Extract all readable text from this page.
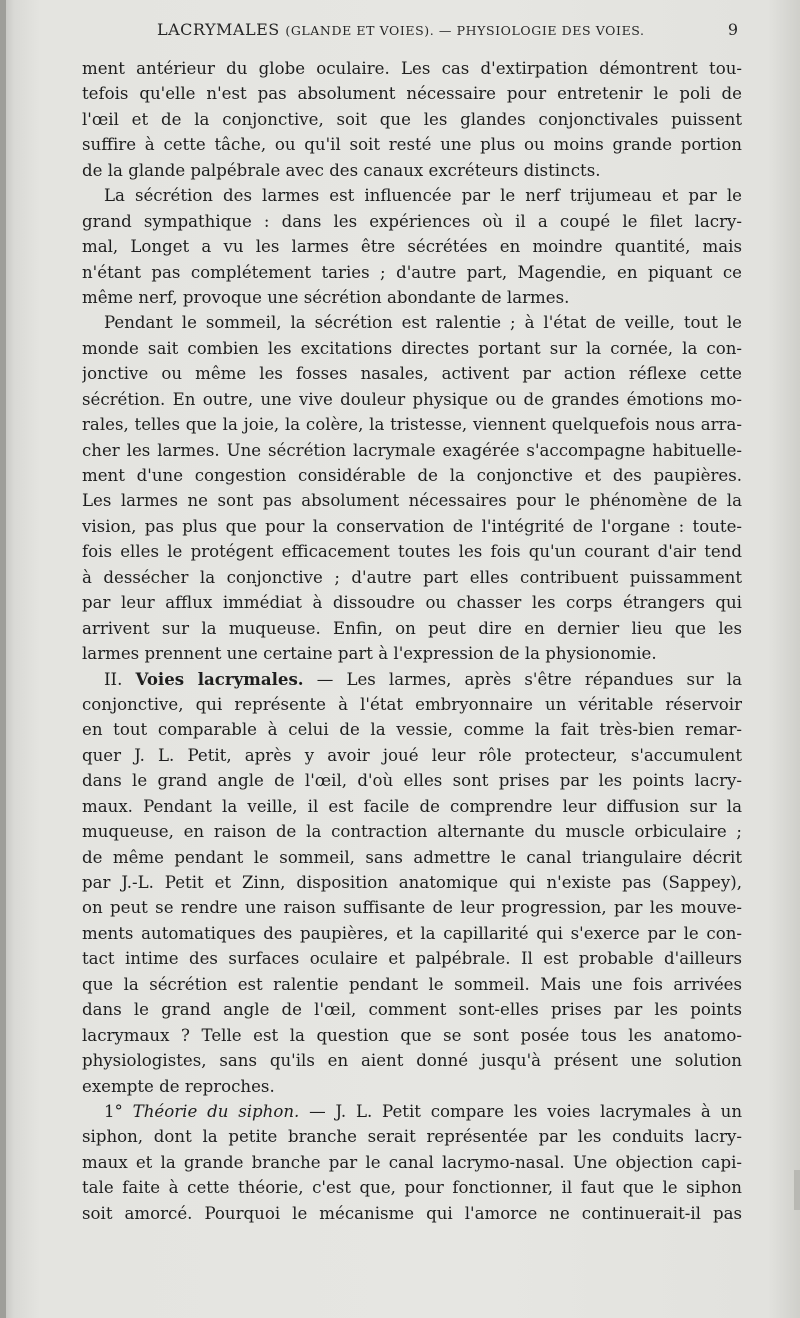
LACRYMALES (GLANDE ET VOIES). — PHYSIOLOGIE DES VOIES.	9
ment antérieur du globe oculaire. Les cas d'extirpation démontrent tou-
tefois qu'elle n'est pas absolument nécessaire pour entretenir le poli de
l'œil et de la conjonctive, soit que les glandes conjonctivales puissent
suffire à cette tâche, ou qu'il soit resté une plus ou moins grande portion
de la glande palpébrale avec des canaux excréteurs distincts.
La sécrétion des larmes est influencée par le nerf trijumeau et par le
grand sympathique : dans les expériences où il a coupé le filet lacry-
mal, Longet a vu les larmes être sécrétées en moindre quantité, mais
n'étant pas complétement taries ; d'autre part, Magendie, en piquant ce
même nerf, provoque une sécrétion abondante de larmes.
Pendant le sommeil, la sécrétion est ralentie ; à l'état de veille, tout le
monde sait combien les excitations directes portant sur la cornée, la con-
jonctive ou même les fosses nasales, activent par action réflexe cette
sécrétion. En outre, une vive douleur physique ou de grandes émotions mo-
rales, telles que la joie, la colère, la tristesse, viennent quelquefois nous arra-
cher les larmes. Une sécrétion lacrymale exagérée s'accompagne habituelle-
ment d'une congestion considérable de la conjonctive et des paupières.
Les larmes ne sont pas absolument nécessaires pour le phénomène de la
vision, pas plus que pour la conservation de l'intégrité de l'organe : toute-
fois elles le protégent efficacement toutes les fois qu'un courant d'air tend
à dessécher la conjonctive ; d'autre part elles contribuent puissamment
par leur afflux immédiat à dissoudre ou chasser les corps étrangers qui
arrivent sur la muqueuse. Enfin, on peut dire en dernier lieu que les
larmes prennent une certaine part à l'expression de la physionomie.
II. Voies lacrymales. — Les larmes, après s'être répandues sur la
conjonctive, qui représente à l'état embryonnaire un véritable réservoir
en tout comparable à celui de la vessie, comme la fait très-bien remar-
quer J. L. Petit, après y avoir joué leur rôle protecteur, s'accumulent
dans le grand angle de l'œil, d'où elles sont prises par les points lacry-
maux. Pendant la veille, il est facile de comprendre leur diffusion sur la
muqueuse, en raison de la contraction alternante du muscle orbiculaire ;
de même pendant le sommeil, sans admettre le canal triangulaire décrit
par J.-L. Petit et Zinn, disposition anatomique qui n'existe pas (Sappey),
on peut se rendre une raison suffisante de leur progression, par les mouve-
ments automatiques des paupières, et la capillarité qui s'exerce par le con-
tact intime des surfaces oculaire et palpébrale. Il est probable d'ailleurs
que la sécrétion est ralentie pendant le sommeil. Mais une fois arrivées
dans le grand angle de l'œil, comment sont-elles prises par les points
lacrymaux ? Telle est la question que se sont posée tous les anatomo-
physiologistes, sans qu'ils en aient donné jusqu'à présent une solution
exempte de reproches.
1° Théorie du siphon. — J. L. Petit compare les voies lacrymales à un
siphon, dont la petite branche serait représentée par les conduits lacry-
maux et la grande branche par le canal lacrymo-nasal. Une objection capi-
tale faite à cette théorie, c'est que, pour fonctionner, il faut que le siphon
soit amorcé. Pourquoi le mécanisme qui l'amorce ne continuerait-il pas
